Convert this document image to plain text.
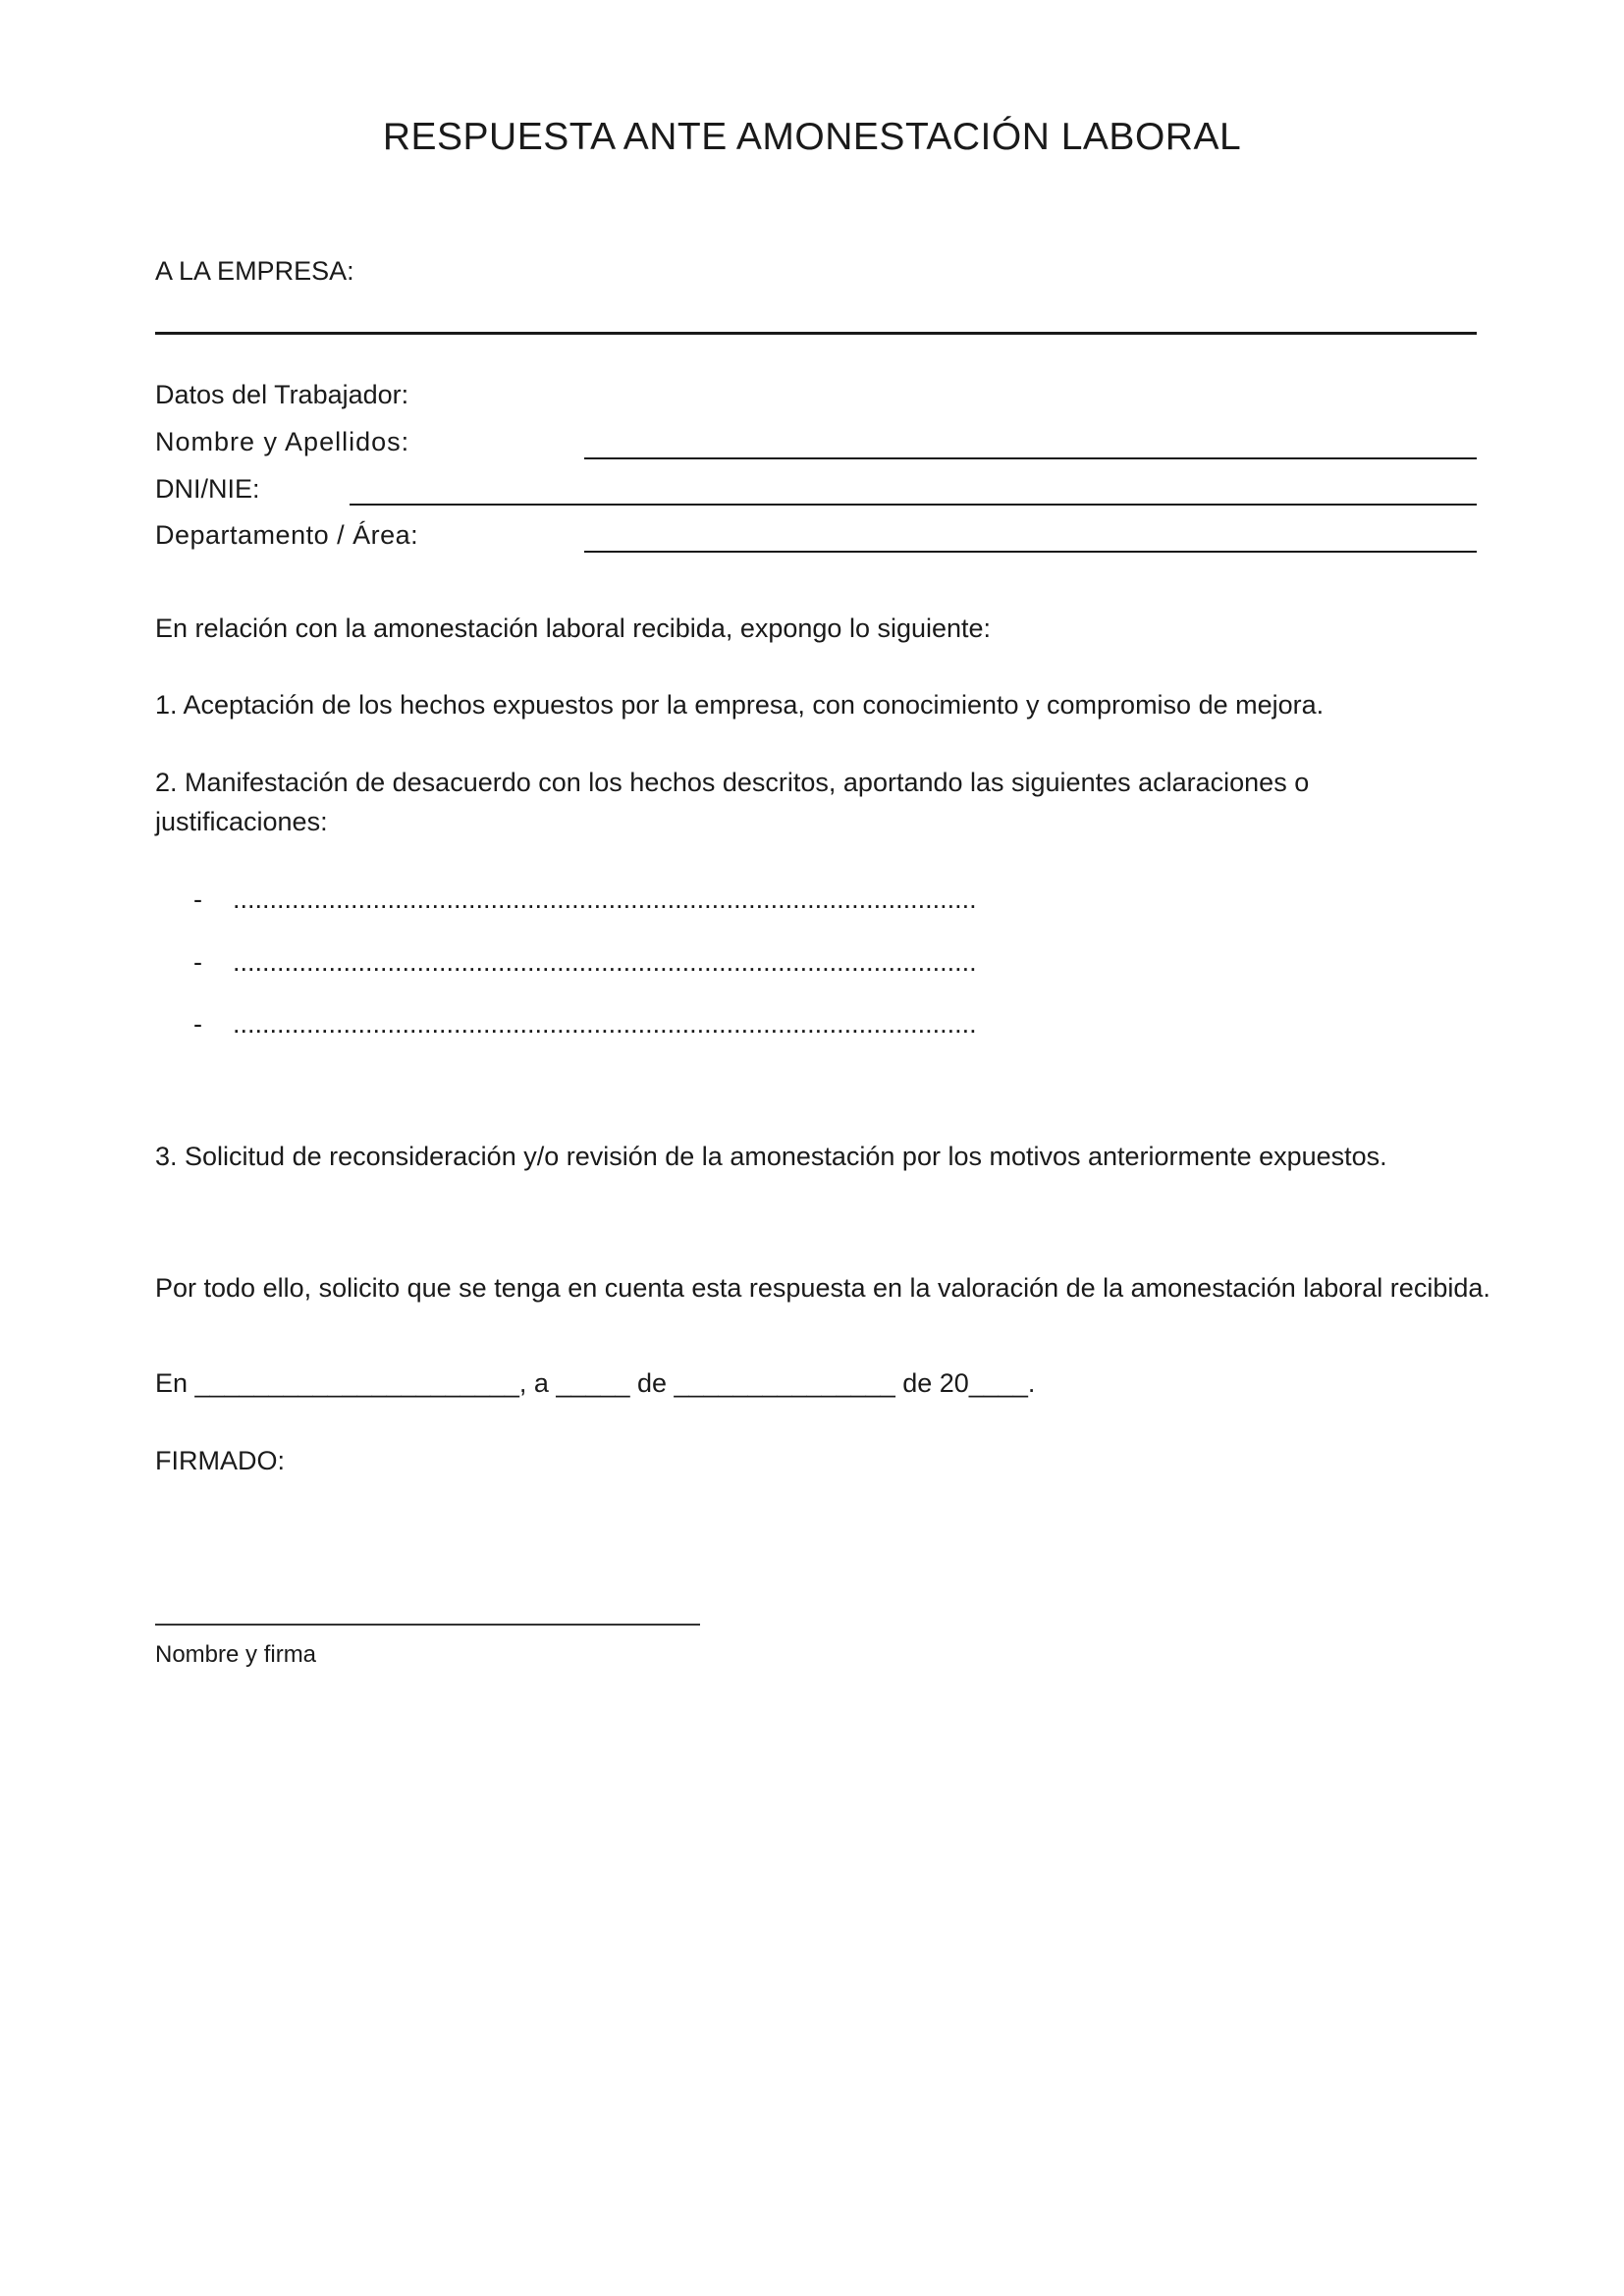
RESPUESTA ANTE AMONESTACIÓN LABORAL
A LA EMPRESA:
Datos del Trabajador:
Nombre y Apellidos:
DNI/NIE:
Departamento / Área:
En relación con la amonestación laboral recibida, expongo lo siguiente:
1. Aceptación de los hechos expuestos por la empresa, con conocimiento y compromiso de mejora.
2. Manifestación de desacuerdo con los hechos descritos, aportando las siguientes aclaraciones o
justificaciones:
- .....................................................................................................
- .....................................................................................................
- .....................................................................................................
3. Solicitud de reconsideración y/o revisión de la amonestación por los motivos anteriormente expuestos.
Por todo ello, solicito que se tenga en cuenta esta respuesta en la valoración de la amonestación laboral recibida.
En ______________________, a _____ de _______________ de 20____.
FIRMADO:
Nombre y firma
